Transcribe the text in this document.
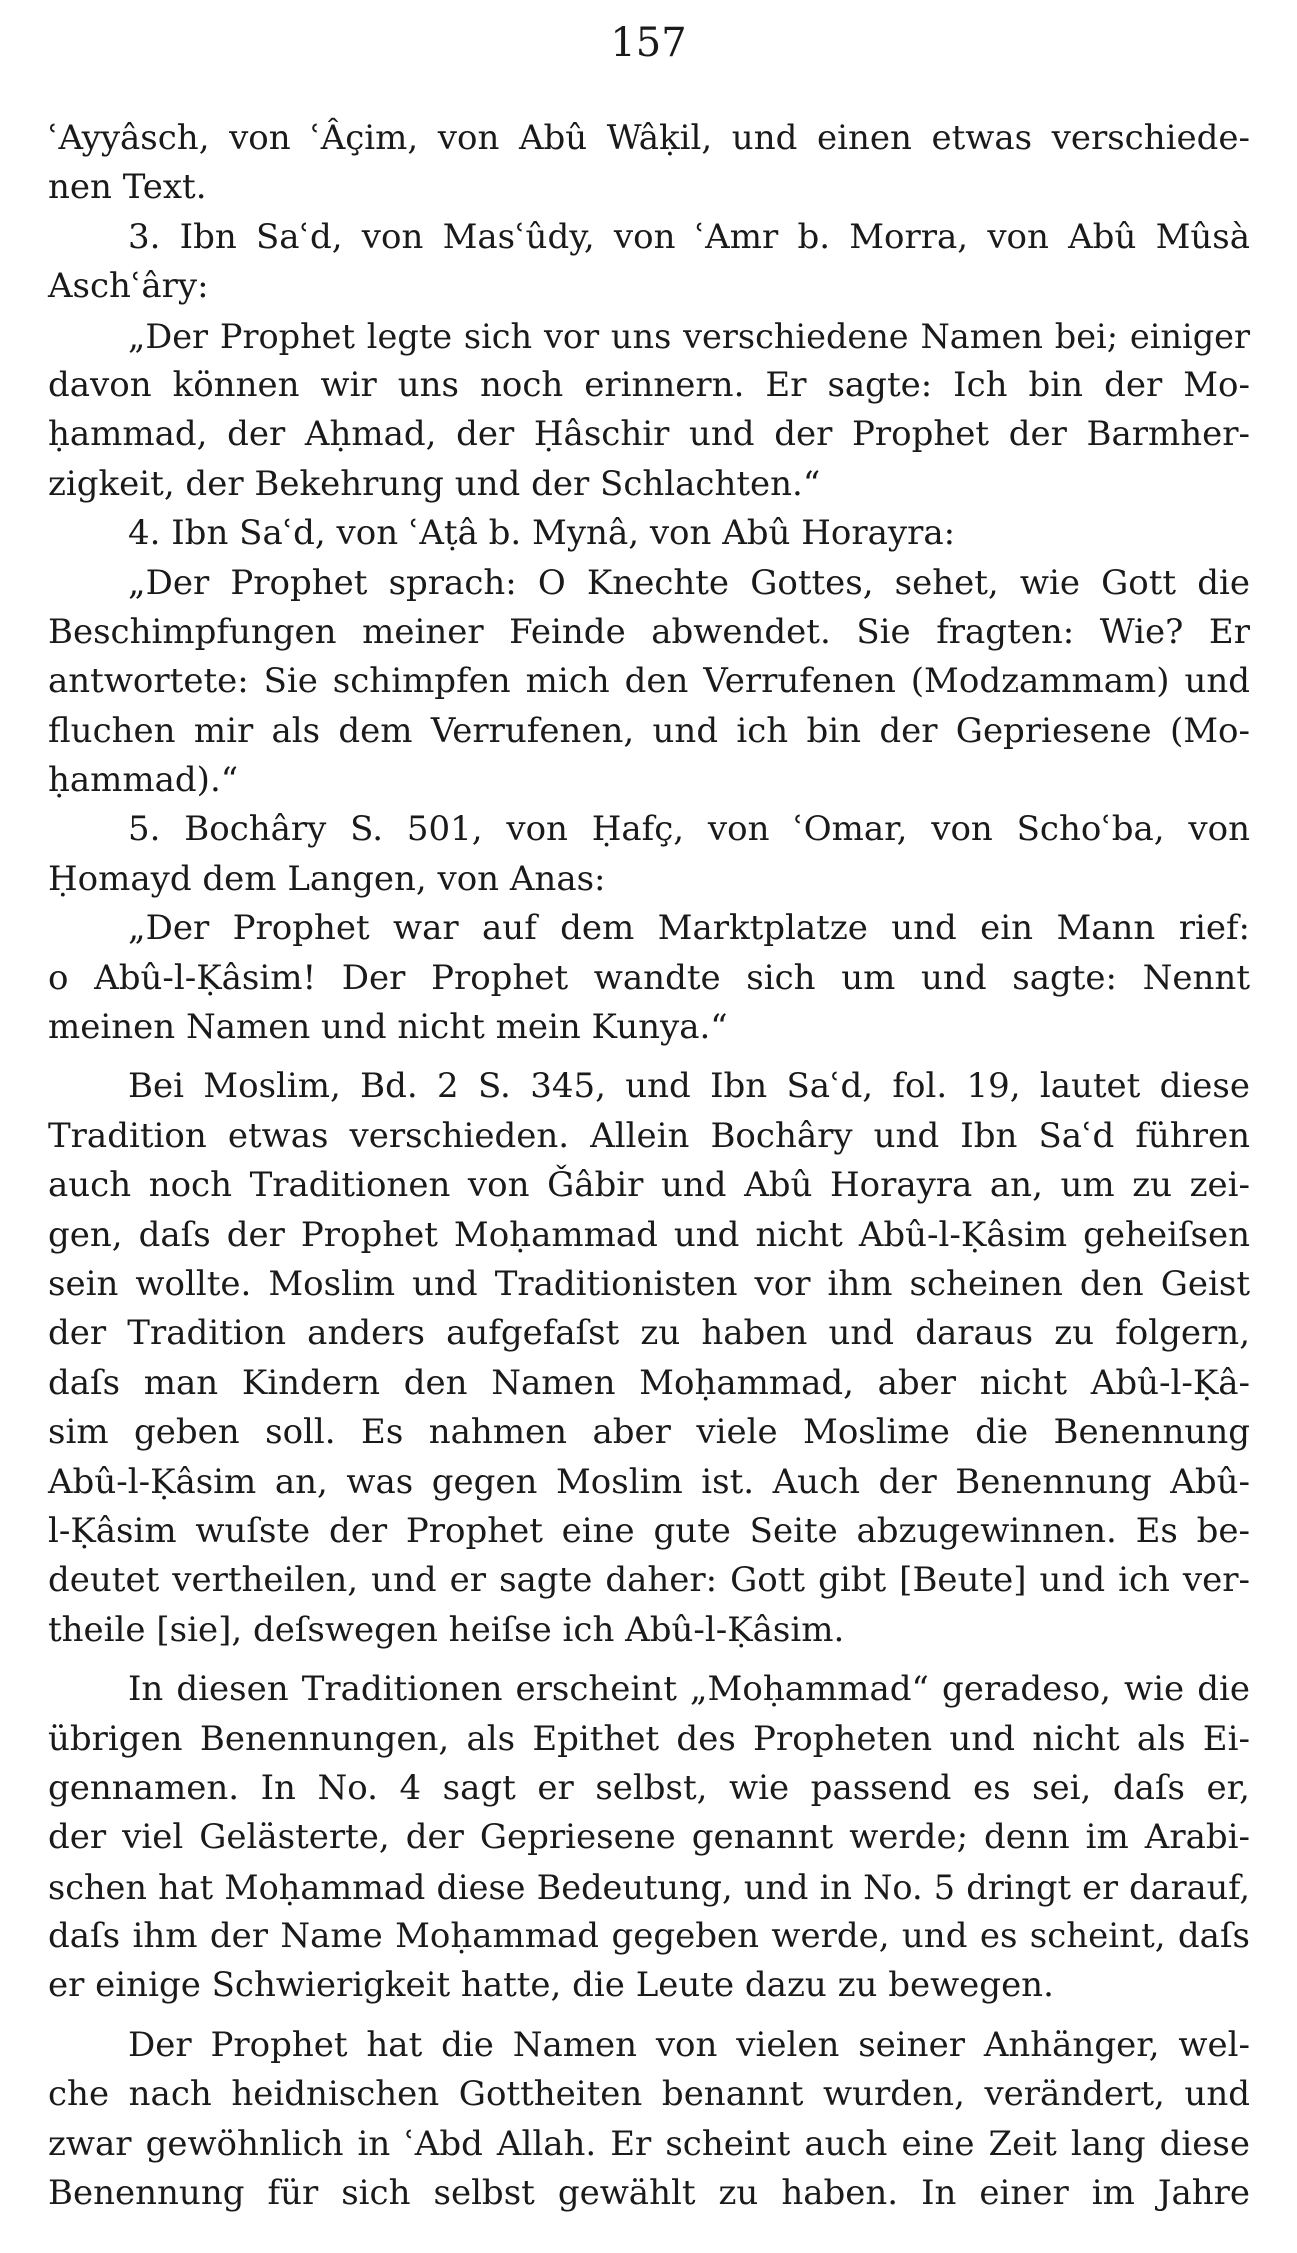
157
ʿAyyâsch, von ʿÂçim, von Abû Wâḳil, und einen etwas verschiede-
nen Text.
3. Ibn Saʿd, von Masʿûdy, von ʿAmr b. Morra, von Abû Mûsà
Aschʿâry:
„Der Prophet legte sich vor uns verschiedene Namen bei; einiger
davon können wir uns noch erinnern. Er sagte: Ich bin der Mo-
ḥammad, der Aḥmad, der Ḥâschir und der Prophet der Barmher-
zigkeit, der Bekehrung und der Schlachten.“
4. Ibn Saʿd, von ʿAṭâ b. Mynâ, von Abû Horayra:
„Der Prophet sprach: O Knechte Gottes, sehet, wie Gott die
Beschimpfungen meiner Feinde abwendet. Sie fragten: Wie? Er
antwortete: Sie schimpfen mich den Verrufenen (Modzammam) und
fluchen mir als dem Verrufenen, und ich bin der Gepriesene (Mo-
ḥammad).“
5. Bochâry S. 501, von Ḥafç, von ʿOmar, von Schoʿba, von
Ḥomayd dem Langen, von Anas:
„Der Prophet war auf dem Marktplatze und ein Mann rief:
o Abû-l-Ḳâsim! Der Prophet wandte sich um und sagte: Nennt
meinen Namen und nicht mein Kunya.“
Bei Moslim, Bd. 2 S. 345, und Ibn Saʿd, fol. 19, lautet diese
Tradition etwas verschieden. Allein Bochâry und Ibn Saʿd führen
auch noch Traditionen von Ǧâbir und Abû Horayra an, um zu zei-
gen, daſs der Prophet Moḥammad und nicht Abû-l-Ḳâsim geheiſsen
sein wollte. Moslim und Traditionisten vor ihm scheinen den Geist
der Tradition anders aufgefaſst zu haben und daraus zu folgern,
daſs man Kindern den Namen Moḥammad, aber nicht Abû-l-Ḳâ-
sim geben soll. Es nahmen aber viele Moslime die Benennung
Abû-l-Ḳâsim an, was gegen Moslim ist. Auch der Benennung Abû-
l-Ḳâsim wuſste der Prophet eine gute Seite abzugewinnen. Es be-
deutet vertheilen, und er sagte daher: Gott gibt [Beute] und ich ver-
theile [sie], deſswegen heiſse ich Abû-l-Ḳâsim.
In diesen Traditionen erscheint „Moḥammad“ geradeso, wie die
übrigen Benennungen, als Epithet des Propheten und nicht als Ei-
gennamen. In No. 4 sagt er selbst, wie passend es sei, daſs er,
der viel Gelästerte, der Gepriesene genannt werde; denn im Arabi-
schen hat Moḥammad diese Bedeutung, und in No. 5 dringt er darauf,
daſs ihm der Name Moḥammad gegeben werde, und es scheint, daſs
er einige Schwierigkeit hatte, die Leute dazu zu bewegen.
Der Prophet hat die Namen von vielen seiner Anhänger, wel-
che nach heidnischen Gottheiten benannt wurden, verändert, und
zwar gewöhnlich in ʿAbd Allah. Er scheint auch eine Zeit lang diese
Benennung für sich selbst gewählt zu haben. In einer im Jahre
